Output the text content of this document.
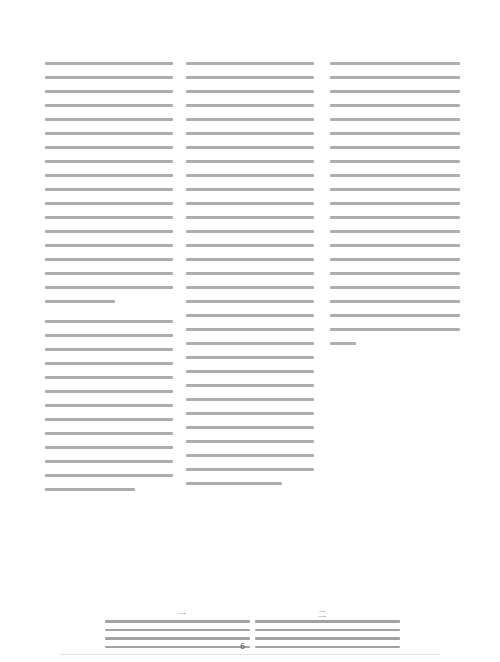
一	二
6
